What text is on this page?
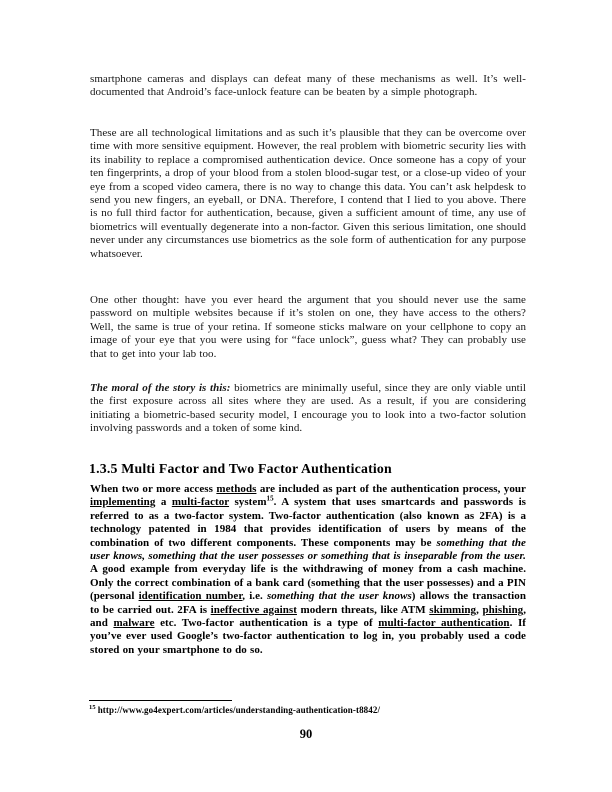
smartphone cameras and displays can defeat many of these mechanisms as well. It’s well-documented that Android’s face-unlock feature can be beaten by a simple photograph.

These are all technological limitations and as such it’s plausible that they can be overcome over time with more sensitive equipment. However, the real problem with biometric security lies with its inability to replace a compromised authentication device. Once someone has a copy of your ten fingerprints, a drop of your blood from a stolen blood-sugar test, or a close-up video of your eye from a scoped video camera, there is no way to change this data. You can’t ask helpdesk to send you new fingers, an eyeball, or DNA. Therefore, I contend that I lied to you above. There is no full third factor for authentication, because, given a sufficient amount of time, any use of biometrics will eventually degenerate into a non-factor. Given this serious limitation, one should never under any circumstances use biometrics as the sole form of authentication for any purpose whatsoever.

One other thought: have you ever heard the argument that you should never use the same password on multiple websites because if it’s stolen on one, they have access to the others? Well, the same is true of your retina. If someone sticks malware on your cellphone to copy an image of your eye that you were using for “face unlock”, guess what? They can probably use that to get into your lab too.

The moral of the story is this: biometrics are minimally useful, since they are only viable until the first exposure across all sites where they are used. As a result, if you are considering initiating a biometric-based security model, I encourage you to look into a two-factor solution involving passwords and a token of some kind.

1.3.5 Multi Factor and Two Factor Authentication

When two or more access methods are included as part of the authentication process, your implementing a multi-factor system$^{15}$. A system that uses smartcards and passwords is referred to as a two-factor system. Two-factor authentication (also known as 2FA) is a technology patented in 1984 that provides identification of users by means of the combination of two different components. These components may be something that the user knows, something that the user possesses or something that is inseparable from the user. A good example from everyday life is the withdrawing of money from a cash machine. Only the correct combination of a bank card (something that the user possesses) and a PIN (personal identification number, i.e. something that the user knows) allows the transaction to be carried out. 2FA is ineffective against modern threats, like ATM skimming, phishing, and malware etc. Two-factor authentication is a type of multi-factor authentication. If you’ve ever used Google’s two-factor authentication to log in, you probably used a code stored on your smartphone to do so.

$^{15}$ http://www.go4expert.com/articles/understanding-authentication-t8842/
90
